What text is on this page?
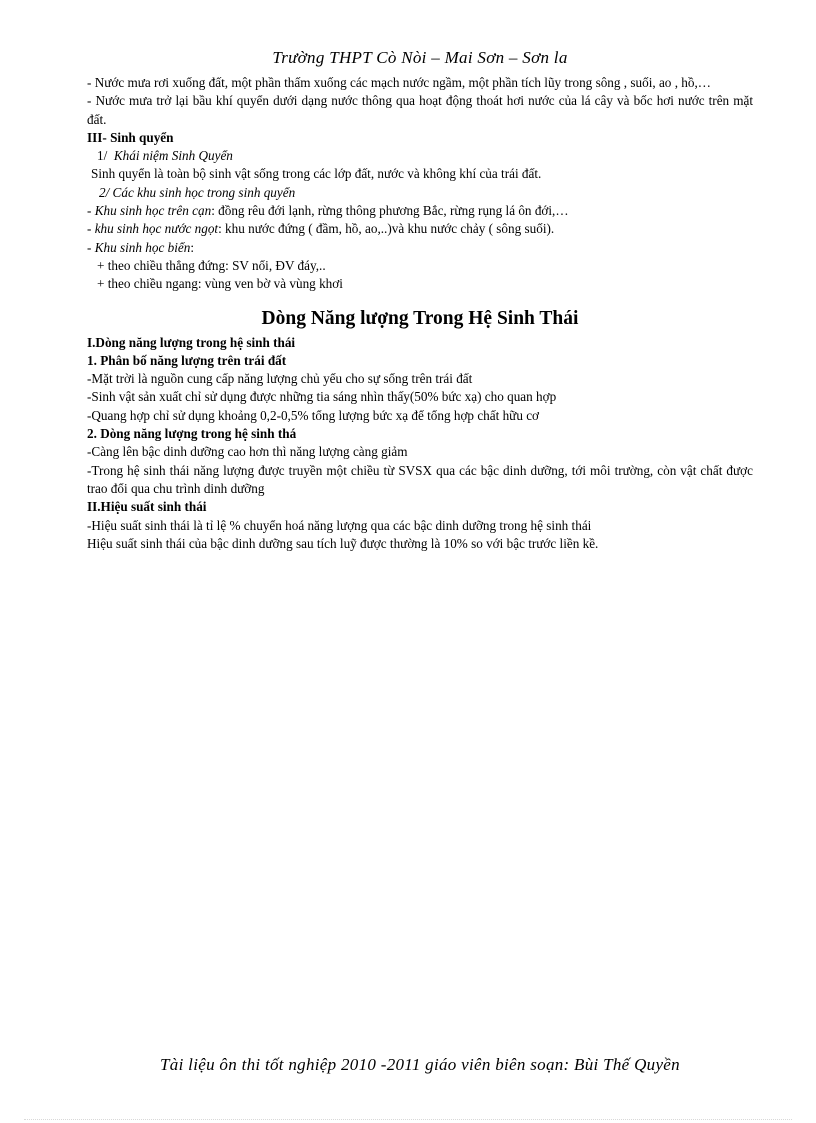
Trường THPT Cò Nòi – Mai Sơn – Sơn la

- Nước mưa rơi xuống đất, một phần thấm xuống các mạch nước ngầm, một phần tích lũy trong sông , suối, ao , hồ,…

- Nước mưa trở lại bầu khí quyển dưới dạng nước thông qua hoạt động thoát hơi nước của lá cây và bốc hơi nước trên mặt đất.

III- Sinh quyển

1/ Khái niệm Sinh Quyển

Sinh quyển là toàn bộ sinh vật sống trong các lớp đất, nước và không khí của trái đất.

2/ Các khu sinh học trong sinh quyển

- Khu sinh học trên cạn: đồng rêu đới lạnh, rừng thông phương Bắc, rừng rụng lá ôn đới,…

- khu sinh học nước ngọt: khu nước đứng ( đầm, hồ, ao,..)và khu nước chảy ( sông suối).

- Khu sinh học biển:

+ theo chiều thẳng đứng: SV nổi, ĐV đáy,..

+ theo chiều ngang: vùng ven bờ và vùng khơi

Dòng Năng lượng Trong Hệ Sinh Thái

I.Dòng năng lượng trong hệ sinh thái

1. Phân bố năng lượng trên trái đất

-Mặt trời là nguồn cung cấp năng lượng chủ yếu cho sự sống trên trái đất

-Sinh vật sản xuất chỉ sử dụng được những tia sáng nhìn thấy(50% bức xạ) cho quan hợp

-Quang hợp chỉ sử dụng khoảng 0,2-0,5% tổng lượng bức xạ để tổng hợp chất hữu cơ

2. Dòng năng lượng trong hệ sinh thá

-Càng lên bậc dinh dưỡng cao hơn thì năng lượng càng giảm

-Trong hệ sinh thái năng lượng được truyền một chiều từ SVSX qua các bậc dinh dưỡng, tới môi trường, còn vật chất được trao đổi qua chu trình dinh dưỡng

II.Hiệu suất sinh thái

-Hiệu suất sinh thái là tỉ lệ % chuyển hoá năng lượng qua các bậc dinh dưỡng trong hệ sinh thái

Hiệu suất sinh thái của bậc dinh dưỡng sau tích luỹ được thường là 10% so với bậc trước liền kề.

Tài liệu ôn thi tốt nghiệp 2010 -2011 giáo viên biên soạn: Bùi Thế Quyền
